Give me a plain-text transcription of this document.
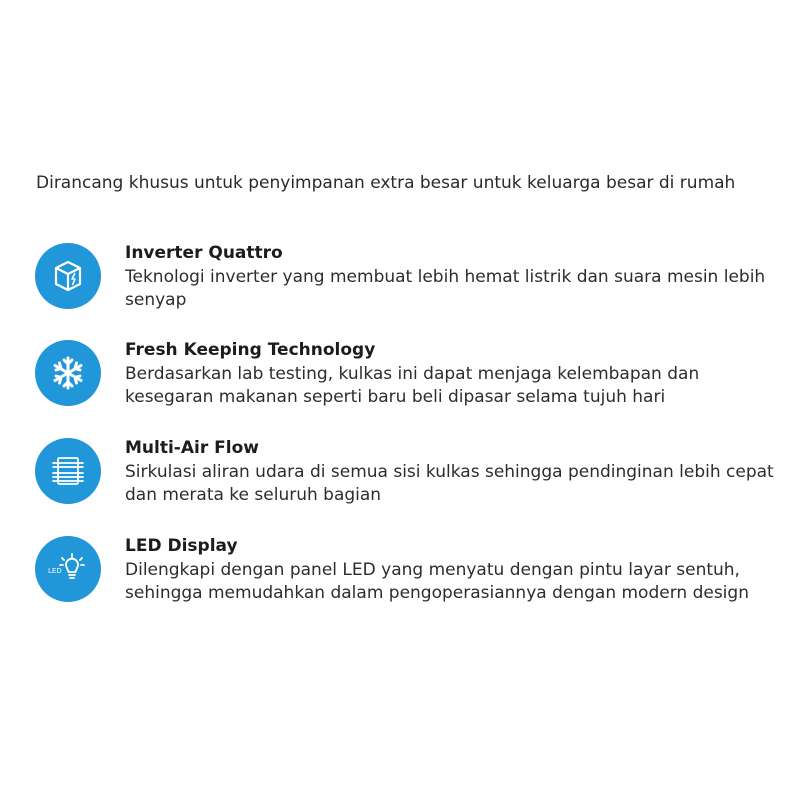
Dirancang khusus untuk penyimpanan extra besar untuk keluarga besar di rumah

Inverter Quattro

Teknologi inverter yang membuat lebih hemat listrik dan suara mesin lebih senyap

Fresh Keeping Technology

Berdasarkan lab testing, kulkas ini dapat menjaga kelembapan dan kesegaran makanan seperti baru beli dipasar selama tujuh hari

Multi-Air Flow

Sirkulasi aliran udara di semua sisi kulkas sehingga pendinginan lebih cepat dan merata ke seluruh bagian

LED

LED Display

Dilengkapi dengan panel LED yang menyatu dengan pintu layar sentuh, sehingga memudahkan dalam pengoperasiannya dengan modern design
